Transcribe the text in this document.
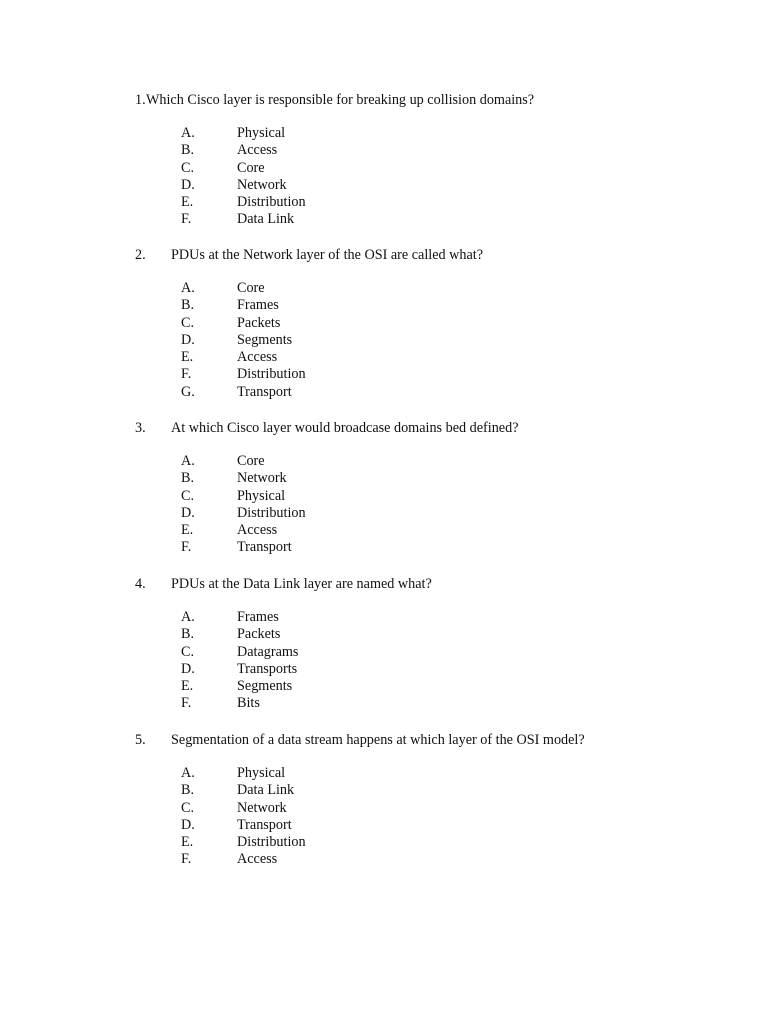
1. Which Cisco layer is responsible for breaking up collision domains?
A.	Physical
B.	Access
C.	Core
D.	Network
E.	Distribution
F.	Data Link
2. PDUs at the Network layer of the OSI are called what?
A.	Core
B.	Frames
C.	Packets
D.	Segments
E.	Access
F.	Distribution
G.	Transport
3. At which Cisco layer would broadcase domains bed defined?
A.	Core
B.	Network
C.	Physical
D.	Distribution
E.	Access
F.	Transport
4. PDUs at the Data Link layer are named what?
A.	Frames
B.	Packets
C.	Datagrams
D.	Transports
E.	Segments
F.	Bits
5. Segmentation of a data stream happens at which layer of the OSI model?
A.	Physical
B.	Data Link
C.	Network
D.	Transport
E.	Distribution
F.	Access
